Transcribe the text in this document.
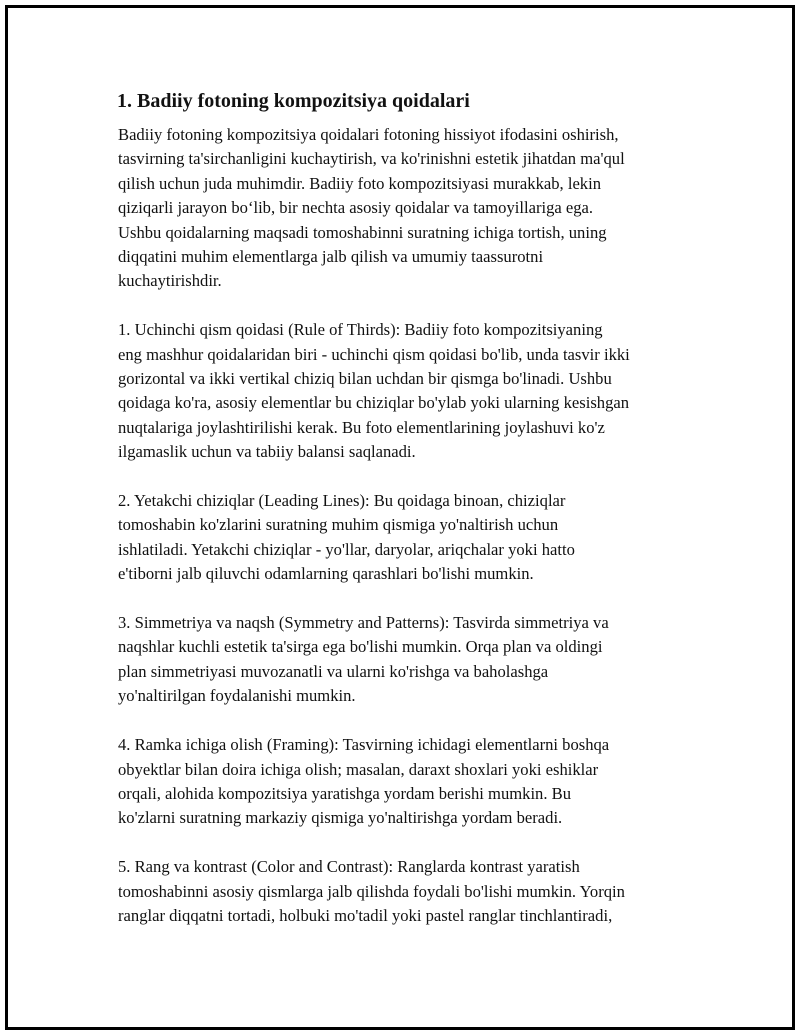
1. Badiiy fotoning kompozitsiya qoidalari

Badiiy fotoning kompozitsiya qoidalari fotoning hissiyot ifodasini oshirish,
tasvirning ta'sirchanligini kuchaytirish, va ko'rinishni estetik jihatdan ma'qul
qilish uchun juda muhimdir. Badiiy foto kompozitsiyasi murakkab, lekin
qiziqarli jarayon bo‘lib, bir nechta asosiy qoidalar va tamoyillariga ega.
Ushbu qoidalarning maqsadi tomoshabinni suratning ichiga tortish, uning
diqqatini muhim elementlarga jalb qilish va umumiy taassurotni
kuchaytirishdir.

1. Uchinchi qism qoidasi (Rule of Thirds): Badiiy foto kompozitsiyaning
eng mashhur qoidalaridan biri - uchinchi qism qoidasi bo'lib, unda tasvir ikki
gorizontal va ikki vertikal chiziq bilan uchdan bir qismga bo'linadi. Ushbu
qoidaga ko'ra, asosiy elementlar bu chiziqlar bo'ylab yoki ularning kesishgan
nuqtalariga joylashtirilishi kerak. Bu foto elementlarining joylashuvi ko'z
ilgamaslik uchun va tabiiy balansi saqlanadi.

2. Yetakchi chiziqlar (Leading Lines): Bu qoidaga binoan, chiziqlar
tomoshabin ko'zlarini suratning muhim qismiga yo'naltirish uchun
ishlatiladi. Yetakchi chiziqlar - yo'llar, daryolar, ariqchalar yoki hatto
e'tiborni jalb qiluvchi odamlarning qarashlari bo'lishi mumkin.

3. Simmetriya va naqsh (Symmetry and Patterns): Tasvirda simmetriya va
naqshlar kuchli estetik ta'sirga ega bo'lishi mumkin. Orqa plan va oldingi
plan simmetriyasi muvozanatli va ularni ko'rishga va baholashga
yo'naltirilgan foydalanishi mumkin.

4. Ramka ichiga olish (Framing): Tasvirning ichidagi elementlarni boshqa
obyektlar bilan doira ichiga olish; masalan, daraxt shoxlari yoki eshiklar
orqali, alohida kompozitsiya yaratishga yordam berishi mumkin. Bu
ko'zlarni suratning markaziy qismiga yo'naltirishga yordam beradi.

5. Rang va kontrast (Color and Contrast): Ranglarda kontrast yaratish
tomoshabinni asosiy qismlarga jalb qilishda foydali bo'lishi mumkin. Yorqin
ranglar diqqatni tortadi, holbuki mo'tadil yoki pastel ranglar tinchlantiradi,
